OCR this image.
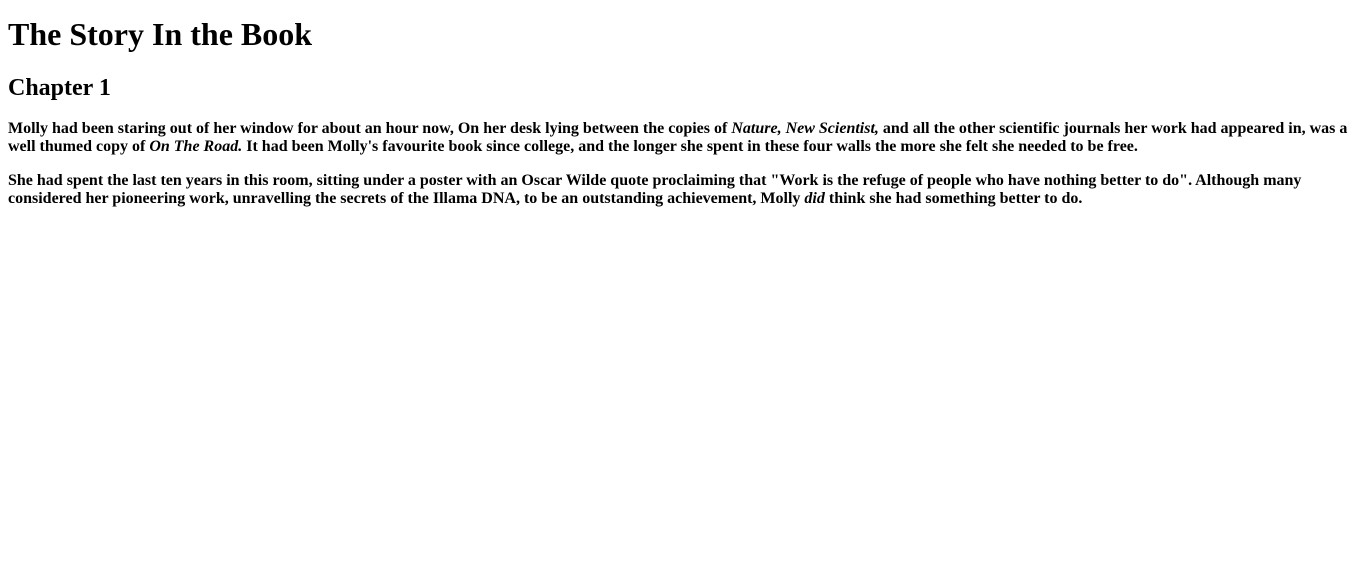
The Story In the Book
Chapter 1

Molly had been staring out of her window for about an hour now, On her desk lying between the copies of Nature, New Scientist, and all the other scientific journals her work had appeared in, was a well thumed copy of On The Road. It had been Molly's favourite book since college, and the longer she spent in these four walls the more she felt she needed to be free.

She had spent the last ten years in this room, sitting under a poster with an Oscar Wilde quote proclaiming that "Work is the refuge of people who have nothing better to do". Although many considered her pioneering work, unravelling the secrets of the Illama DNA, to be an outstanding achievement, Molly did think she had something better to do.
